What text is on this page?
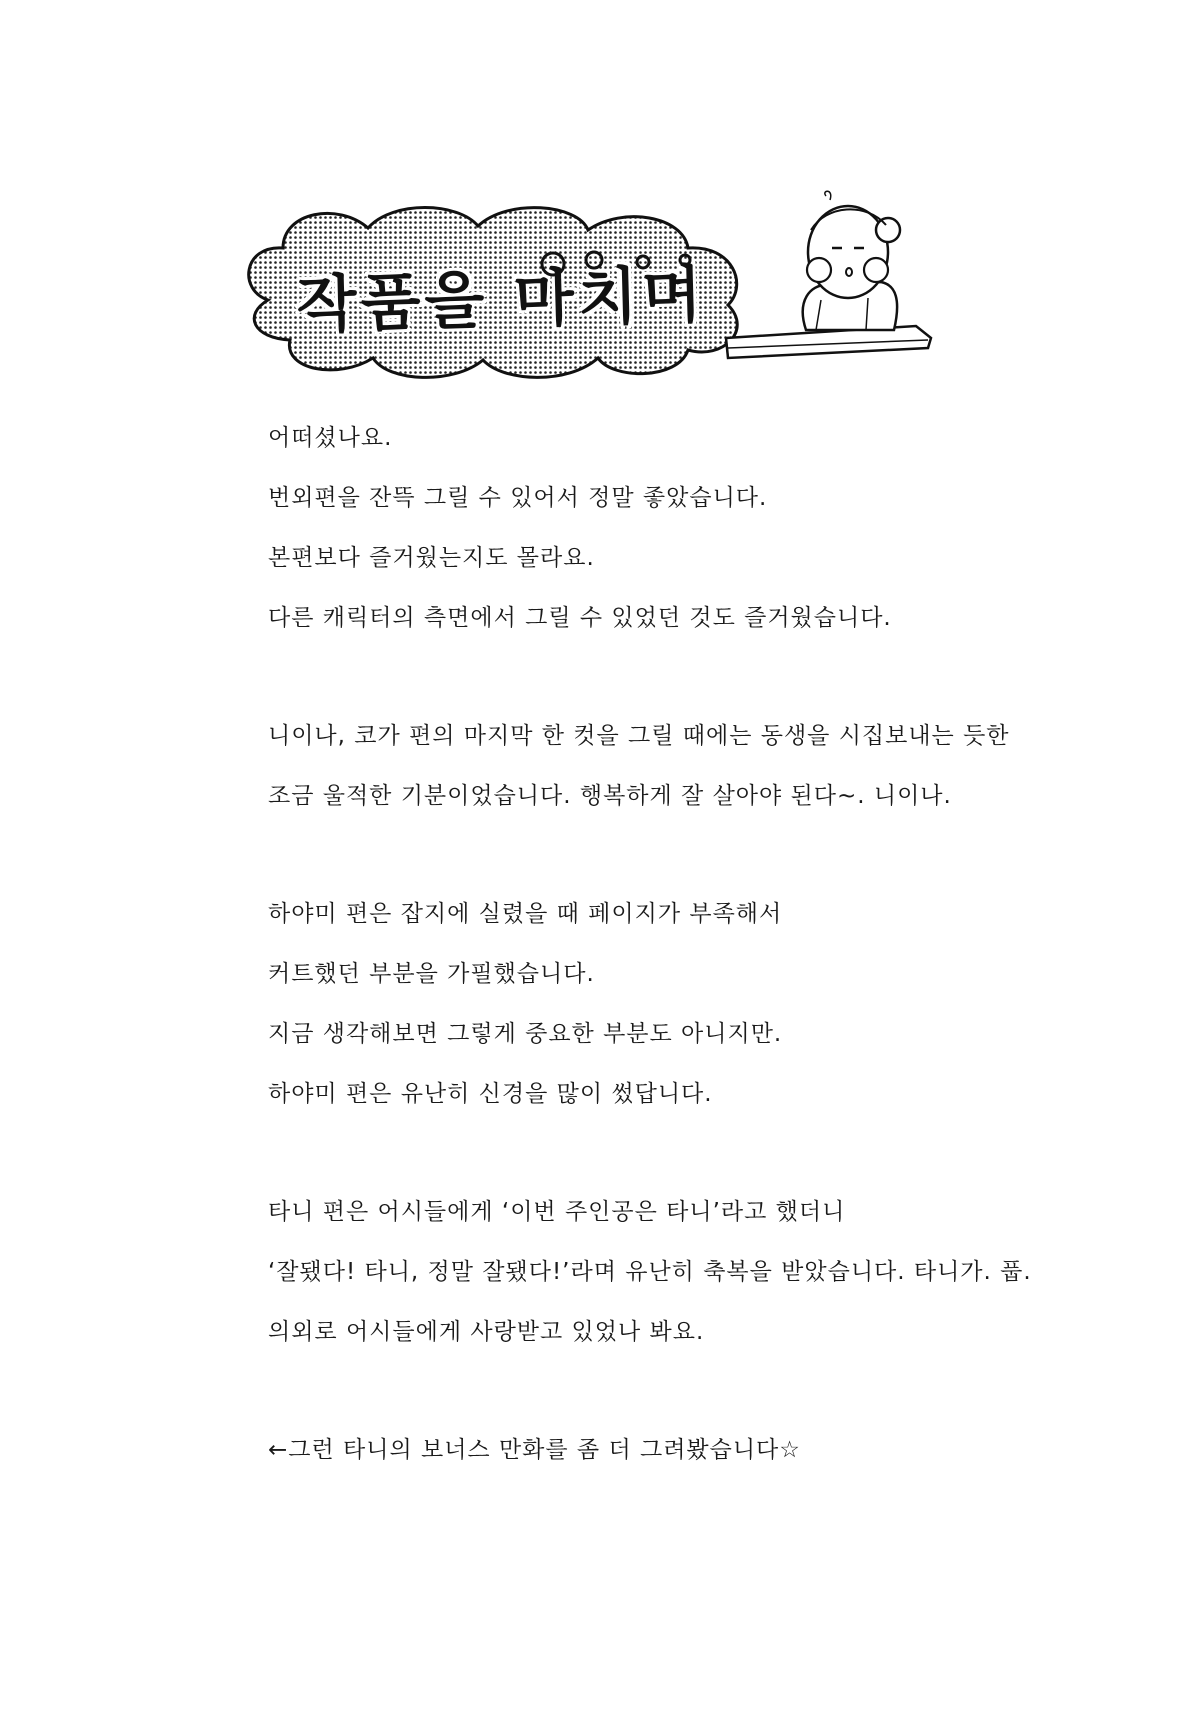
작품을 마치며
어떠셨나요.
번외편을 잔뜩 그릴 수 있어서 정말 좋았습니다.
본편보다 즐거웠는지도 몰라요.
다른 캐릭터의 측면에서 그릴 수 있었던 것도 즐거웠습니다.
니이나, 코가 편의 마지막 한 컷을 그릴 때에는 동생을 시집보내는 듯한
조금 울적한 기분이었습니다. 행복하게 잘 살아야 된다~. 니이나.
하야미 편은 잡지에 실렸을 때 페이지가 부족해서
커트했던 부분을 가필했습니다.
지금 생각해보면 그렇게 중요한 부분도 아니지만.
하야미 편은 유난히 신경을 많이 썼답니다.
타니 편은 어시들에게 ‘이번 주인공은 타니’라고 했더니
‘잘됐다! 타니, 정말 잘됐다!’라며 유난히 축복을 받았습니다. 타니가. 풉.
의외로 어시들에게 사랑받고 있었나 봐요.
←그런 타니의 보너스 만화를 좀 더 그려봤습니다☆
